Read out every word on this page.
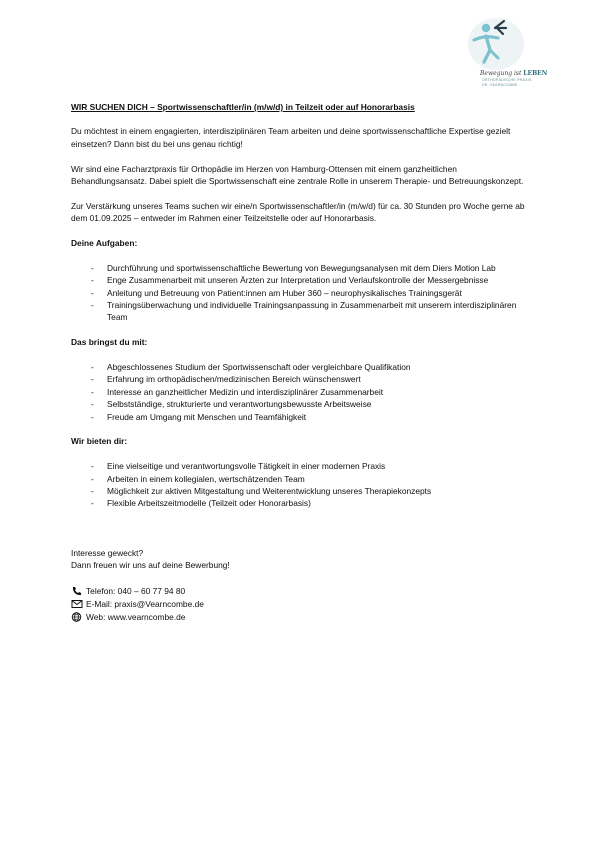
Bewegung ist LEBEN
ORTHOPÄDISCHE PRAXIS
DR. VEARNCOMBE
WIR SUCHEN DICH – Sportwissenschaftler/in (m/w/d) in Teilzeit oder auf Honorarbasis

Du möchtest in einem engagierten, interdisziplinären Team arbeiten und deine sportwissenschaftliche Expertise gezielt einsetzen? Dann bist du bei uns genau richtig!

Wir sind eine Facharztpraxis für Orthopädie im Herzen von Hamburg-Ottensen mit einem ganzheitlichen Behandlungsansatz. Dabei spielt die Sportwissenschaft eine zentrale Rolle in unserem Therapie- und Betreuungskonzept.

Zur Verstärkung unseres Teams suchen wir eine/n Sportwissenschaftler/in (m/w/d) für ca. 30 Stunden pro Woche gerne ab dem 01.09.2025 – entweder im Rahmen einer Teilzeitstelle oder auf Honorarbasis.

Deine Aufgaben:
- Durchführung und sportwissenschaftliche Bewertung von Bewegungsanalysen mit dem Diers Motion Lab
- Enge Zusammenarbeit mit unseren Ärzten zur Interpretation und Verlaufskontrolle der Messergebnisse
- Anleitung und Betreuung von Patient:innen am Huber 360 – neurophysikalisches Trainingsgerät
- Trainingsüberwachung und individuelle Trainingsanpassung in Zusammenarbeit mit unserem interdisziplinären Team
Das bringst du mit:
- Abgeschlossenes Studium der Sportwissenschaft oder vergleichbare Qualifikation
- Erfahrung im orthopädischen/medizinischen Bereich wünschenswert
- Interesse an ganzheitlicher Medizin und interdisziplinärer Zusammenarbeit
- Selbstständige, strukturierte und verantwortungsbewusste Arbeitsweise
- Freude am Umgang mit Menschen und Teamfähigkeit
Wir bieten dir:
- Eine vielseitige und verantwortungsvolle Tätigkeit in einer modernen Praxis
- Arbeiten in einem kollegialen, wertschätzenden Team
- Möglichkeit zur aktiven Mitgestaltung und Weiterentwicklung unseres Therapiekonzepts
- Flexible Arbeitszeitmodelle (Teilzeit oder Honorarbasis)
Interesse geweckt?
Dann freuen wir uns auf deine Bewerbung!
Telefon: 040 – 60 77 94 80
E-Mail: praxis@Vearncombe.de
Web: www.vearncombe.de
